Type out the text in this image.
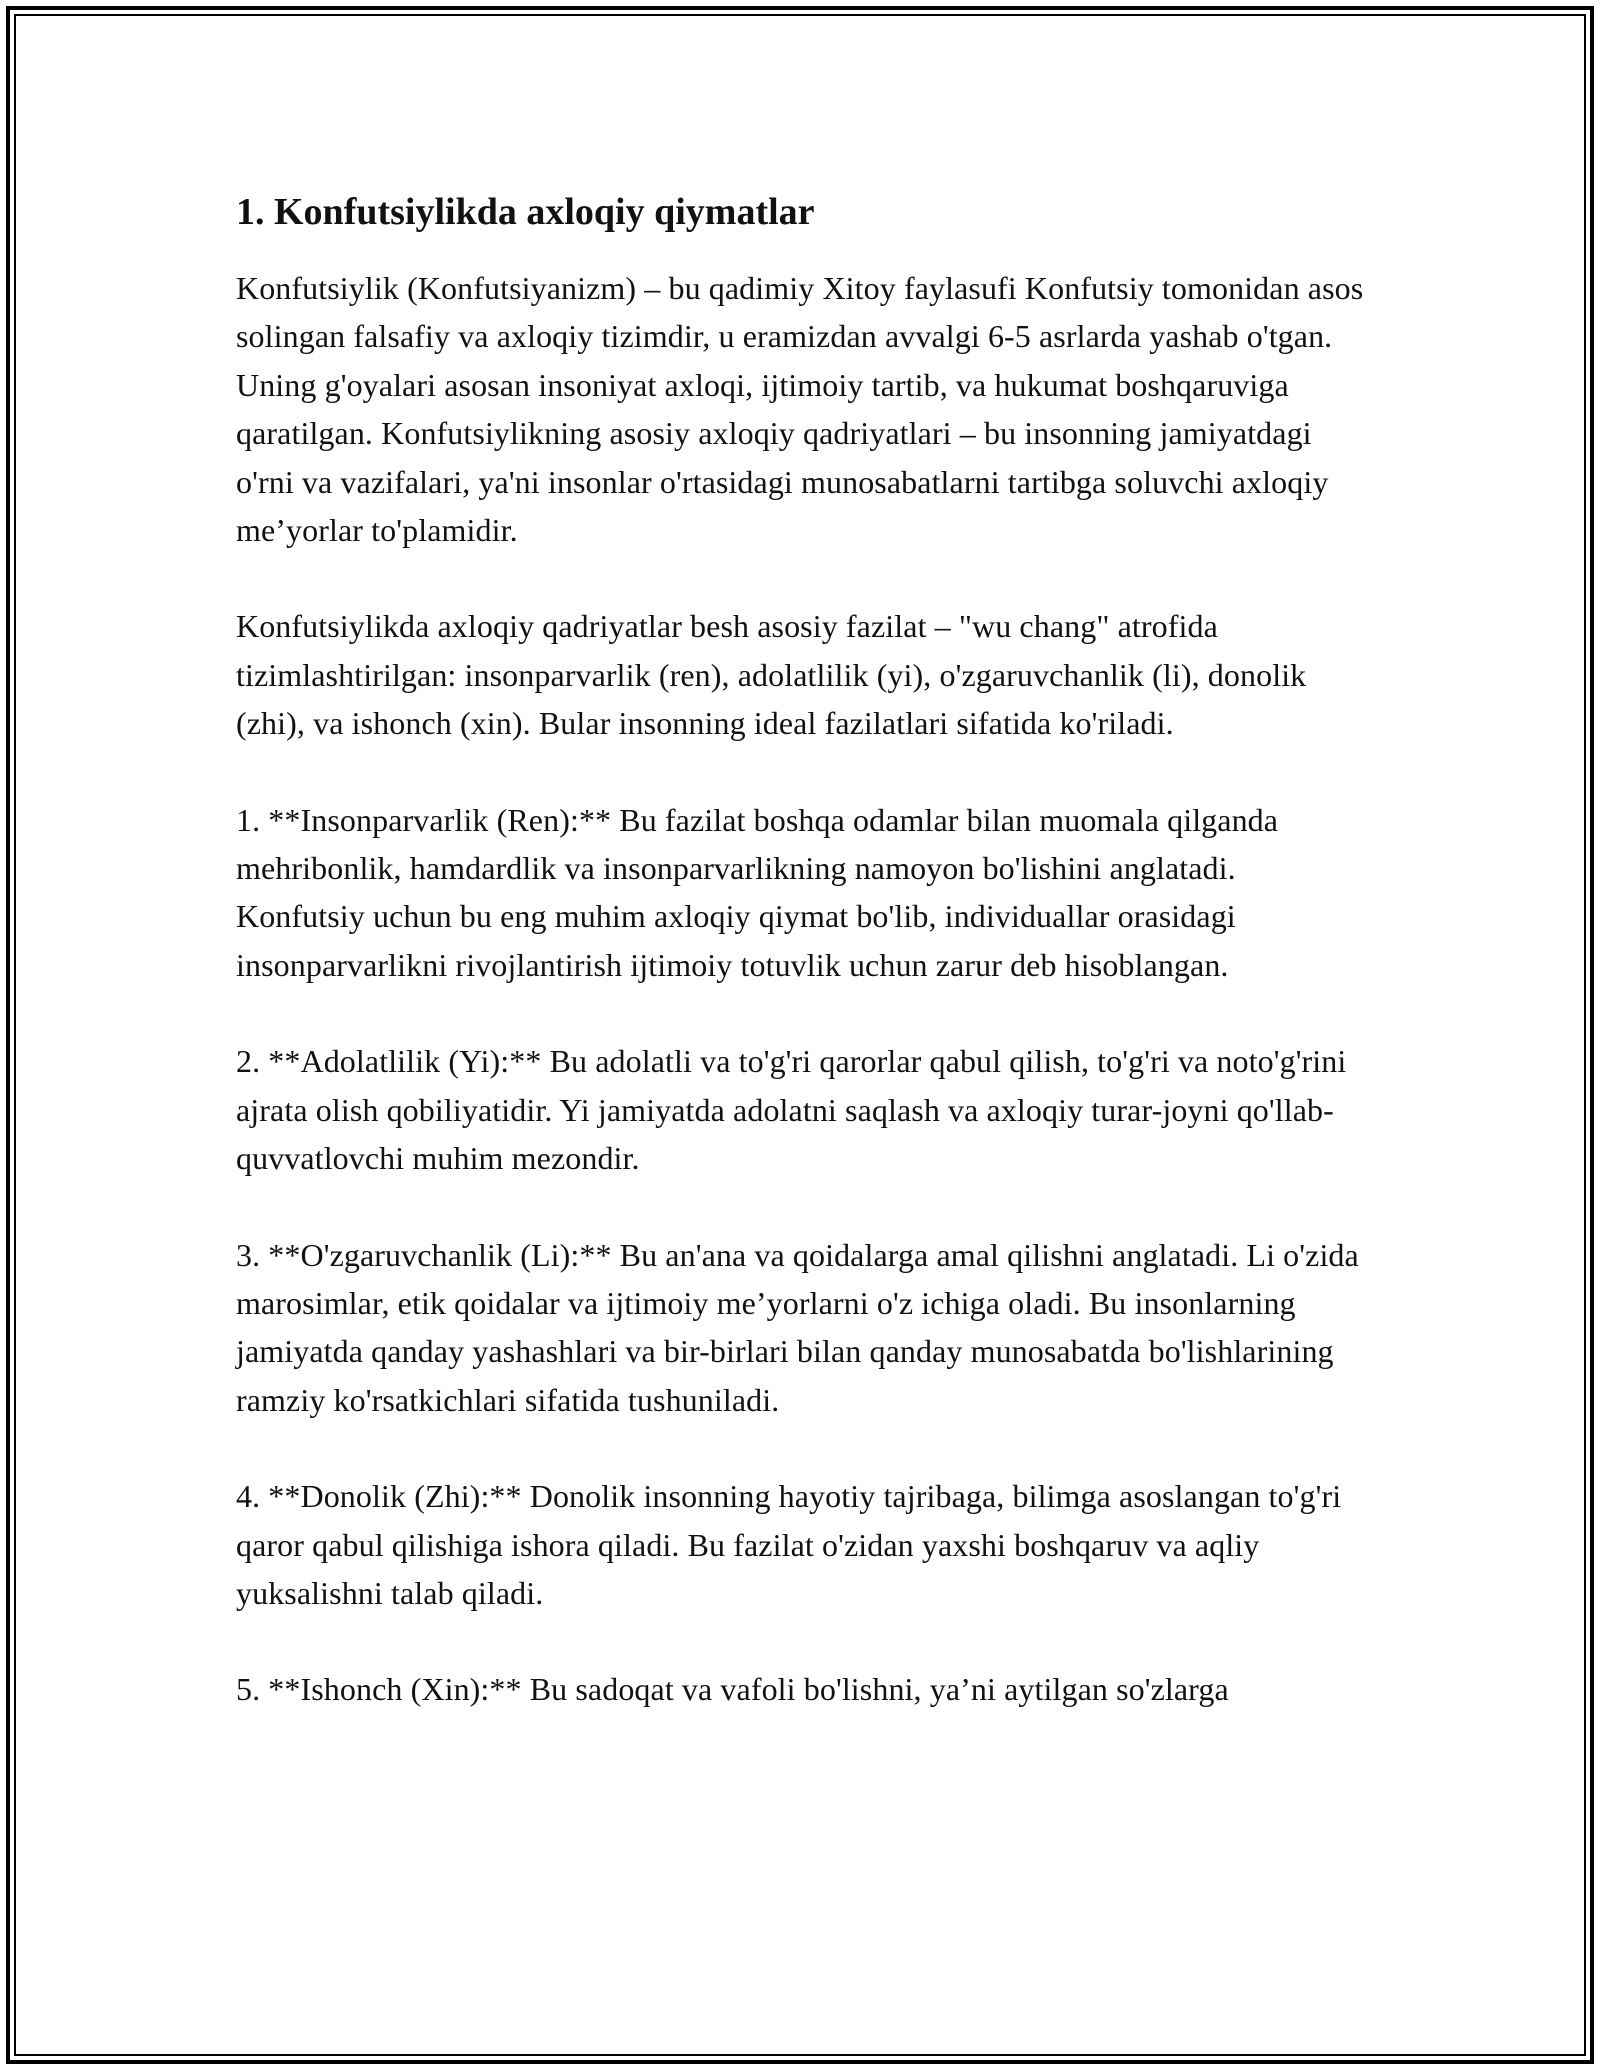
1. Konfutsiylikda axloqiy qiymatlar

Konfutsiylik (Konfutsiyanizm) – bu qadimiy Xitoy faylasufi Konfutsiy tomonidan asos solingan falsafiy va axloqiy tizimdir, u eramizdan avvalgi 6-5 asrlarda yashab o'tgan. Uning g'oyalari asosan insoniyat axloqi, ijtimoiy tartib, va hukumat boshqaruviga qaratilgan. Konfutsiylikning asosiy axloqiy qadriyatlari – bu insonning jamiyatdagi o'rni va vazifalari, ya'ni insonlar o'rtasidagi munosabatlarni tartibga soluvchi axloqiy me’yorlar to'plamidir.

Konfutsiylikda axloqiy qadriyatlar besh asosiy fazilat – "wu chang" atrofida tizimlashtirilgan: insonparvarlik (ren), adolatlilik (yi), o'zgaruvchanlik (li), donolik (zhi), va ishonch (xin). Bular insonning ideal fazilatlari sifatida ko'riladi.

1. **Insonparvarlik (Ren):** Bu fazilat boshqa odamlar bilan muomala qilganda mehribonlik, hamdardlik va insonparvarlikning namoyon bo'lishini anglatadi. Konfutsiy uchun bu eng muhim axloqiy qiymat bo'lib, individuallar orasidagi insonparvarlikni rivojlantirish ijtimoiy totuvlik uchun zarur deb hisoblangan.

2. **Adolatlilik (Yi):** Bu adolatli va to'g'ri qarorlar qabul qilish, to'g'ri va noto'g'rini ajrata olish qobiliyatidir. Yi jamiyatda adolatni saqlash va axloqiy turar-joyni qo'llab-quvvatlovchi muhim mezondir.

3. **O'zgaruvchanlik (Li):** Bu an'ana va qoidalarga amal qilishni anglatadi. Li o'zida marosimlar, etik qoidalar va ijtimoiy me’yorlarni o'z ichiga oladi. Bu insonlarning jamiyatda qanday yashashlari va bir-birlari bilan qanday munosabatda bo'lishlarining ramziy ko'rsatkichlari sifatida tushuniladi.

4. **Donolik (Zhi):** Donolik insonning hayotiy tajribaga, bilimga asoslangan to'g'ri qaror qabul qilishiga ishora qiladi. Bu fazilat o'zidan yaxshi boshqaruv va aqliy yuksalishni talab qiladi.

5. **Ishonch (Xin):** Bu sadoqat va vafoli bo'lishni, ya’ni aytilgan so'zlarga
